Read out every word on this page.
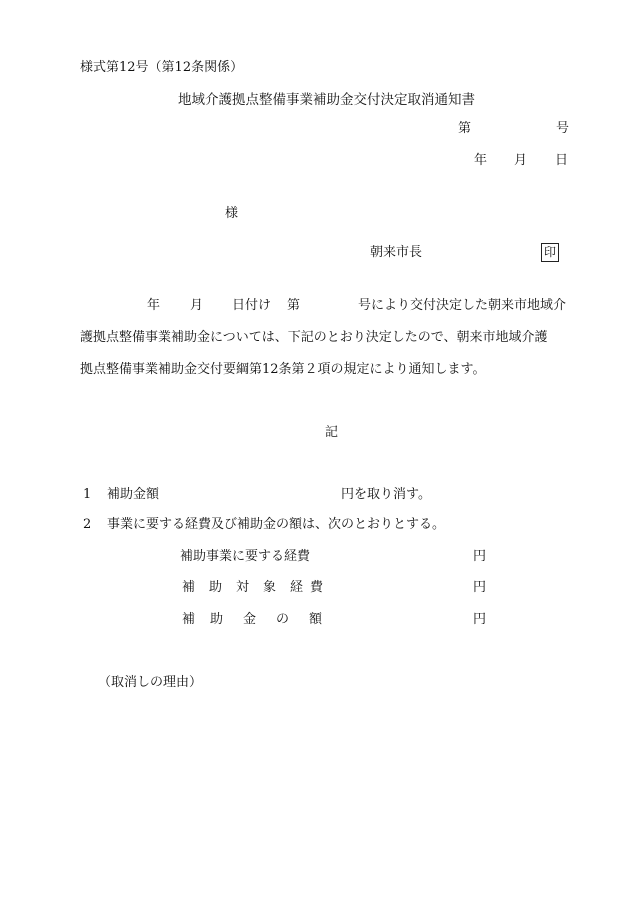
様式第12号（第12条関係）
地域介護拠点整備事業補助金交付決定取消通知書
第	号
年 月 日
様
朝来市長	印
年 月 日付け 第	号により交付決定した朝来市地域介
護拠点整備事業補助金については、下記のとおり決定したので、朝来市地域介護
拠点整備事業補助金交付要綱第12条第２項の規定により通知します。
記
1 補助金額	円を取り消す。
2 事業に要する経費及び補助金の額は、次のとおりとする。
補助事業に要する経費	円
補 助 対 象 経 費	円
補 助 金 の 額	円
（取消しの理由）
